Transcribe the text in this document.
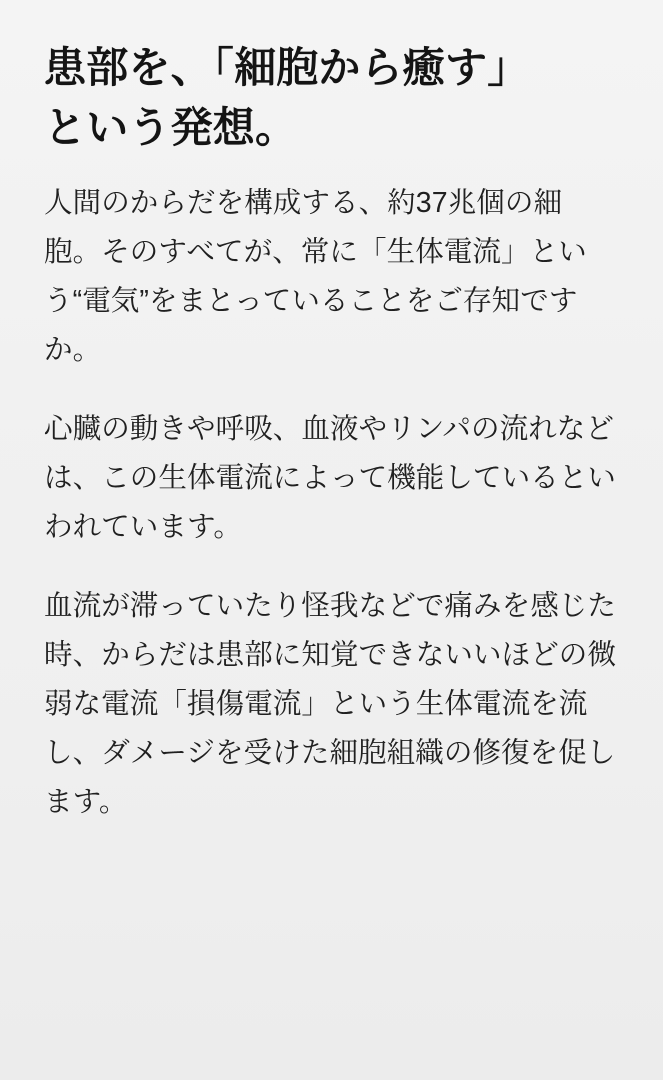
患部を、「細胞から癒す」
という発想。

人間のからだを構成する、約37兆個の細胞。そのすべてが、常に「生体電流」という“電気”をまとっていることをご存知ですか。

心臓の動きや呼吸、血液やリンパの流れなどは、この生体電流によって機能しているといわれています。

血流が滞っていたり怪我などで痛みを感じた時、からだは患部に知覚できないいほどの微弱な電流「損傷電流」という生体電流を流し、ダメージを受けた細胞組織の修復を促します。
